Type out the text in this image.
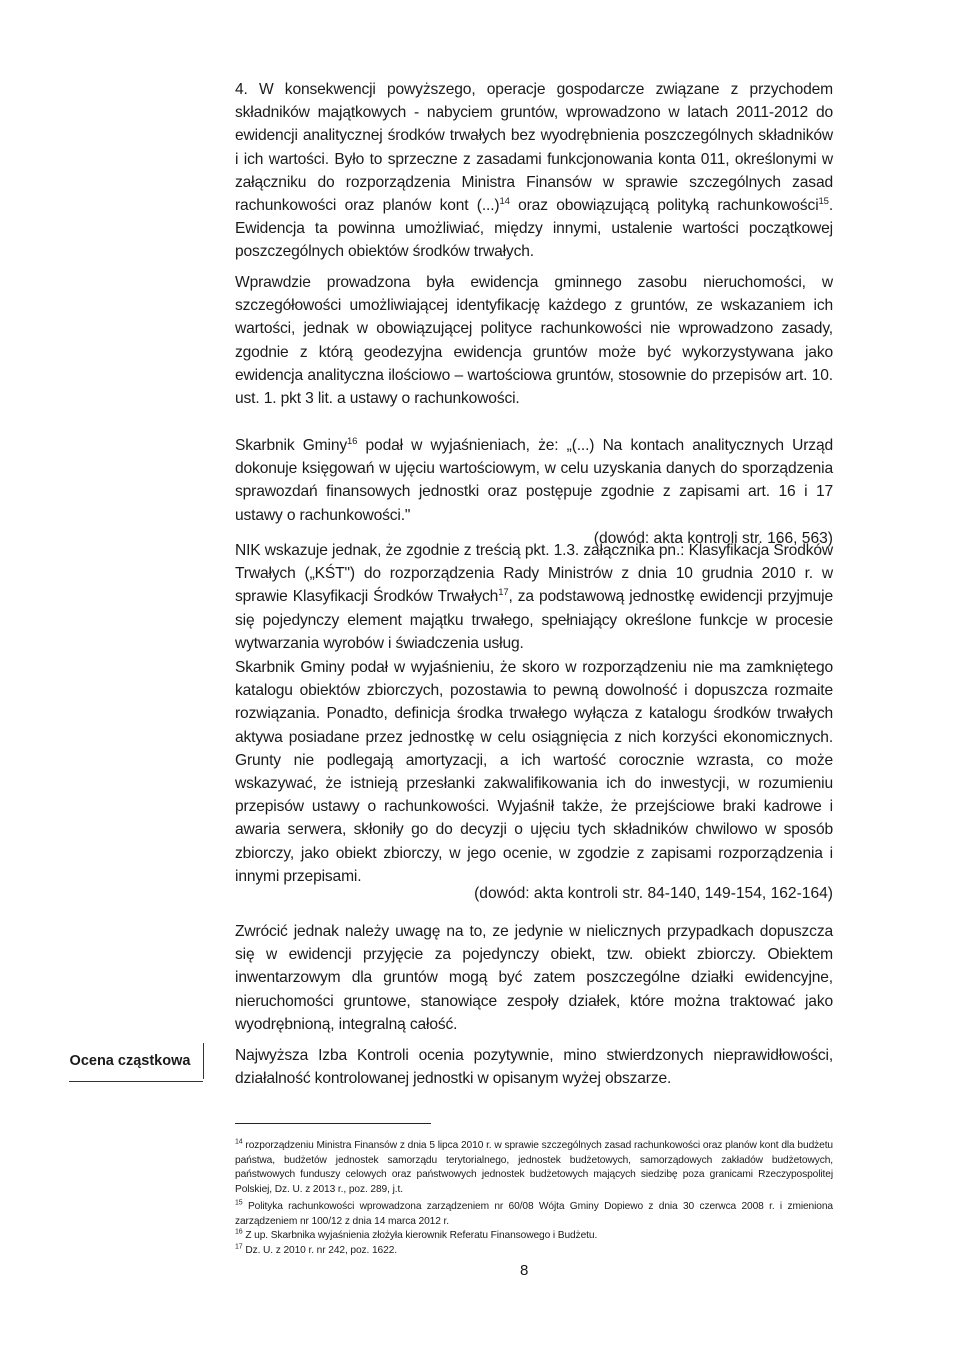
4. W konsekwencji powyższego, operacje gospodarcze związane z przychodem składników majątkowych - nabyciem gruntów, wprowadzono w latach 2011-2012 do ewidencji analitycznej środków trwałych bez wyodrębnienia poszczególnych składników i ich wartości. Było to sprzeczne z zasadami funkcjonowania konta 011, określonymi w załączniku do rozporządzenia Ministra Finansów w sprawie szczególnych zasad rachunkowości oraz planów kont (...)$^{14}$ oraz obowiązującą polityką rachunkowości$^{15}$. Ewidencja ta powinna umożliwiać, między innymi, ustalenie wartości początkowej poszczególnych obiektów środków trwałych.

Wprawdzie prowadzona była ewidencja gminnego zasobu nieruchomości, w szczegółowości umożliwiającej identyfikację każdego z gruntów, ze wskazaniem ich wartości, jednak w obowiązującej polityce rachunkowości nie wprowadzono zasady, zgodnie z którą geodezyjna ewidencja gruntów może być wykorzystywana jako ewidencja analityczna ilościowo – wartościowa gruntów, stosownie do przepisów art. 10. ust. 1. pkt 3 lit. a ustawy o rachunkowości.

Skarbnik Gminy$^{16}$ podał w wyjaśnieniach, że: „(...) Na kontach analitycznych Urząd dokonuje księgowań w ujęciu wartościowym, w celu uzyskania danych do sporządzenia sprawozdań finansowych jednostki oraz postępuje zgodnie z zapisami art. 16 i 17 ustawy o rachunkowości."

(dowód: akta kontroli str. 166, 563)

NIK wskazuje jednak, że zgodnie z treścią pkt. 1.3. załącznika pn.: Klasyfikacja Środków Trwałych („KŚT") do rozporządzenia Rady Ministrów z dnia 10 grudnia 2010 r. w sprawie Klasyfikacji Środków Trwałych$^{17}$, za podstawową jednostkę ewidencji przyjmuje się pojedynczy element majątku trwałego, spełniający określone funkcje w procesie wytwarzania wyrobów i świadczenia usług.

Skarbnik Gminy podał w wyjaśnieniu, że skoro w rozporządzeniu nie ma zamkniętego katalogu obiektów zbiorczych, pozostawia to pewną dowolność i dopuszcza rozmaite rozwiązania. Ponadto, definicja środka trwałego wyłącza z katalogu środków trwałych aktywa posiadane przez jednostkę w celu osiągnięcia z nich korzyści ekonomicznych. Grunty nie podlegają amortyzacji, a ich wartość corocznie wzrasta, co może wskazywać, że istnieją przesłanki zakwalifikowania ich do inwestycji, w rozumieniu przepisów ustawy o rachunkowości. Wyjaśnił także, że przejściowe braki kadrowe i awaria serwera, skłoniły go do decyzji o ujęciu tych składników chwilowo w sposób zbiorczy, jako obiekt zbiorczy, w jego ocenie, w zgodzie z zapisami rozporządzenia i innymi przepisami.

(dowód: akta kontroli str. 84-140, 149-154, 162-164)

Zwrócić jednak należy uwagę na to, ze jedynie w nielicznych przypadkach dopuszcza się w ewidencji przyjęcie za pojedynczy obiekt, tzw. obiekt zbiorczy. Obiektem inwentarzowym dla gruntów mogą być zatem poszczególne działki ewidencyjne, nieruchomości gruntowe, stanowiące zespoły działek, które można traktować jako wyodrębnioną, integralną całość.

Ocena cząstkowa	Najwyższa Izba Kontroli ocenia pozytywnie, mino stwierdzonych nieprawidłowości, działalność kontrolowanej jednostki w opisanym wyżej obszarze.

$^{14}$ rozporządzeniu Ministra Finansów z dnia 5 lipca 2010 r. w sprawie szczególnych zasad rachunkowości oraz planów kont dla budżetu państwa, budżetów jednostek samorządu terytorialnego, jednostek budżetowych, samorządowych zakładów budżetowych, państwowych funduszy celowych oraz państwowych jednostek budżetowych mających siedzibę poza granicami Rzeczypospolitej Polskiej, Dz. U. z 2013 r., poz. 289, j.t.

$^{15}$ Polityka rachunkowości wprowadzona zarządzeniem nr 60/08 Wójta Gminy Dopiewo z dnia 30 czerwca 2008 r. i zmieniona zarządzeniem nr 100/12 z dnia 14 marca 2012 r.

$^{16}$ Z up. Skarbnika wyjaśnienia złożyła kierownik Referatu Finansowego i Budżetu.

$^{17}$ Dz. U. z 2010 r. nr 242, poz. 1622.

8
